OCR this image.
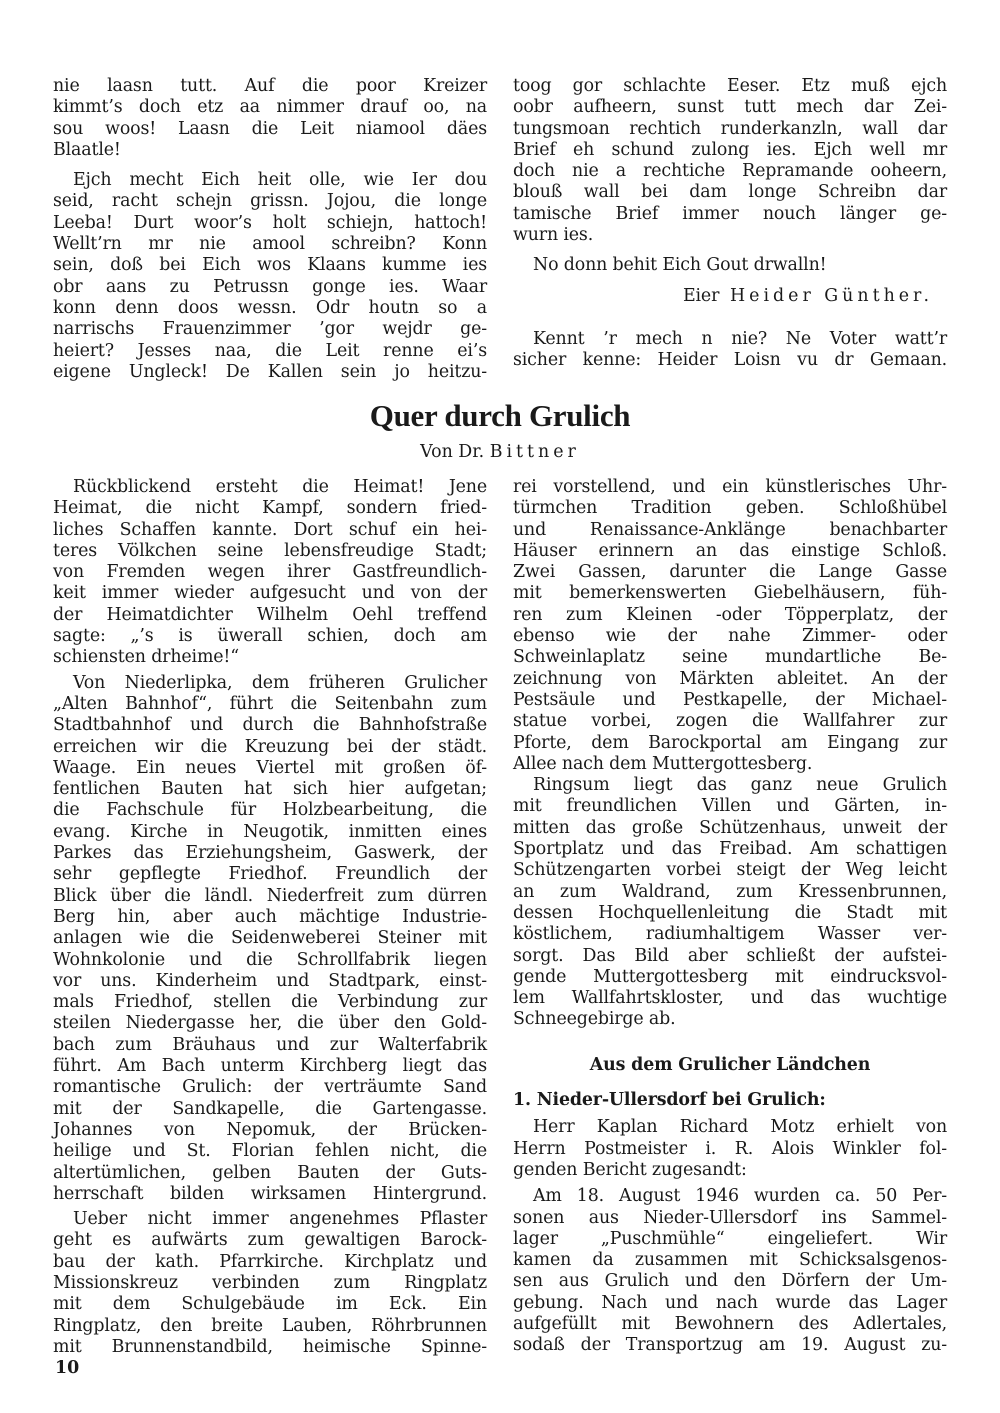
nie laasn tutt. Auf die poor Kreizer
kimmt’s doch etz aa nimmer drauf oo, na
sou woos! Laasn die Leit niamool däes
Blaatle!
Ejch mecht Eich heit olle, wie Ier dou
seid, racht schejn grissn. Jojou, die longe
Leeba! Durt woor’s holt schiejn, hattoch!
Wellt’rn mr nie amool schreibn? Konn
sein, doß bei Eich wos Klaans kumme ies
obr aans zu Petrussn gonge ies. Waar
konn denn doos wessn. Odr houtn so a
narrischs Frauenzimmer ’gor wejdr ge-
heiert? Jesses naa, die Leit renne ei’s
eigene Ungleck! De Kallen sein jo heitzu-
toog gor schlachte Eeser. Etz muß ejch
oobr aufheern, sunst tutt mech dar Zei-
tungsmoan rechtich runderkanzln, wall dar
Brief eh schund zulong ies. Ejch well mr
doch nie a rechtiche Repramande ooheern,
blouß wall bei dam longe Schreibn dar
tamische Brief immer nouch länger ge-
wurn ies.
No donn behit Eich Gout drwalln!
Eier Heider Günther.
Kennt ’r mech n nie? Ne Voter watt’r
sicher kenne: Heider Loisn vu dr Gemaan.
Quer durch Grulich
Von Dr. Bittner
Rückblickend ersteht die Heimat! Jene
Heimat, die nicht Kampf, sondern fried-
liches Schaffen kannte. Dort schuf ein hei-
teres Völkchen seine lebensfreudige Stadt;
von Fremden wegen ihrer Gastfreundlich-
keit immer wieder aufgesucht und von der
der Heimatdichter Wilhelm Oehl treffend
sagte: „’s is üwerall schien, doch am
schiensten drheime!“
Von Niederlipka, dem früheren Grulicher
„Alten Bahnhof“, führt die Seitenbahn zum
Stadtbahnhof und durch die Bahnhofstraße
erreichen wir die Kreuzung bei der städt.
Waage. Ein neues Viertel mit großen öf-
fentlichen Bauten hat sich hier aufgetan;
die Fachschule für Holzbearbeitung, die
evang. Kirche in Neugotik, inmitten eines
Parkes das Erziehungsheim, Gaswerk, der
sehr gepflegte Friedhof. Freundlich der
Blick über die ländl. Niederfreit zum dürren
Berg hin, aber auch mächtige Industrie-
anlagen wie die Seidenweberei Steiner mit
Wohnkolonie und die Schrollfabrik liegen
vor uns. Kinderheim und Stadtpark, einst-
mals Friedhof, stellen die Verbindung zur
steilen Niedergasse her, die über den Gold-
bach zum Bräuhaus und zur Walterfabrik
führt. Am Bach unterm Kirchberg liegt das
romantische Grulich: der verträumte Sand
mit der Sandkapelle, die Gartengasse.
Johannes von Nepomuk, der Brücken-
heilige und St. Florian fehlen nicht, die
altertümlichen, gelben Bauten der Guts-
herrschaft bilden wirksamen Hintergrund.
Ueber nicht immer angenehmes Pflaster
geht es aufwärts zum gewaltigen Barock-
bau der kath. Pfarrkirche. Kirchplatz und
Missionskreuz verbinden zum Ringplatz
mit dem Schulgebäude im Eck. Ein
Ringplatz, den breite Lauben, Röhrbrunnen
mit Brunnenstandbild, heimische Spinne-
rei vorstellend, und ein künstlerisches Uhr-
türmchen Tradition geben. Schloßhübel
und Renaissance-Anklänge benachbarter
Häuser erinnern an das einstige Schloß.
Zwei Gassen, darunter die Lange Gasse
mit bemerkenswerten Giebelhäusern, füh-
ren zum Kleinen -oder Töpperplatz, der
ebenso wie der nahe Zimmer- oder
Schweinlaplatz seine mundartliche Be-
zeichnung von Märkten ableitet. An der
Pestsäule und Pestkapelle, der Michael-
statue vorbei, zogen die Wallfahrer zur
Pforte, dem Barockportal am Eingang zur
Allee nach dem Muttergottesberg.
Ringsum liegt das ganz neue Grulich
mit freundlichen Villen und Gärten, in-
mitten das große Schützenhaus, unweit der
Sportplatz und das Freibad. Am schattigen
Schützengarten vorbei steigt der Weg leicht
an zum Waldrand, zum Kressenbrunnen,
dessen Hochquellenleitung die Stadt mit
köstlichem, radiumhaltigem Wasser ver-
sorgt. Das Bild aber schließt der aufstei-
gende Muttergottesberg mit eindrucksvol-
lem Wallfahrtskloster, und das wuchtige
Schneegebirge ab.

Aus dem Grulicher Ländchen

1. Nieder-Ullersdorf bei Grulich:
Herr Kaplan Richard Motz erhielt von
Herrn Postmeister i. R. Alois Winkler fol-
genden Bericht zugesandt:
Am 18. August 1946 wurden ca. 50 Per-
sonen aus Nieder-Ullersdorf ins Sammel-
lager „Puschmühle“ eingeliefert. Wir
kamen da zusammen mit Schicksalsgenos-
sen aus Grulich und den Dörfern der Um-
gebung. Nach und nach wurde das Lager
aufgefüllt mit Bewohnern des Adlertales,
sodaß der Transportzug am 19. August zu-
10
